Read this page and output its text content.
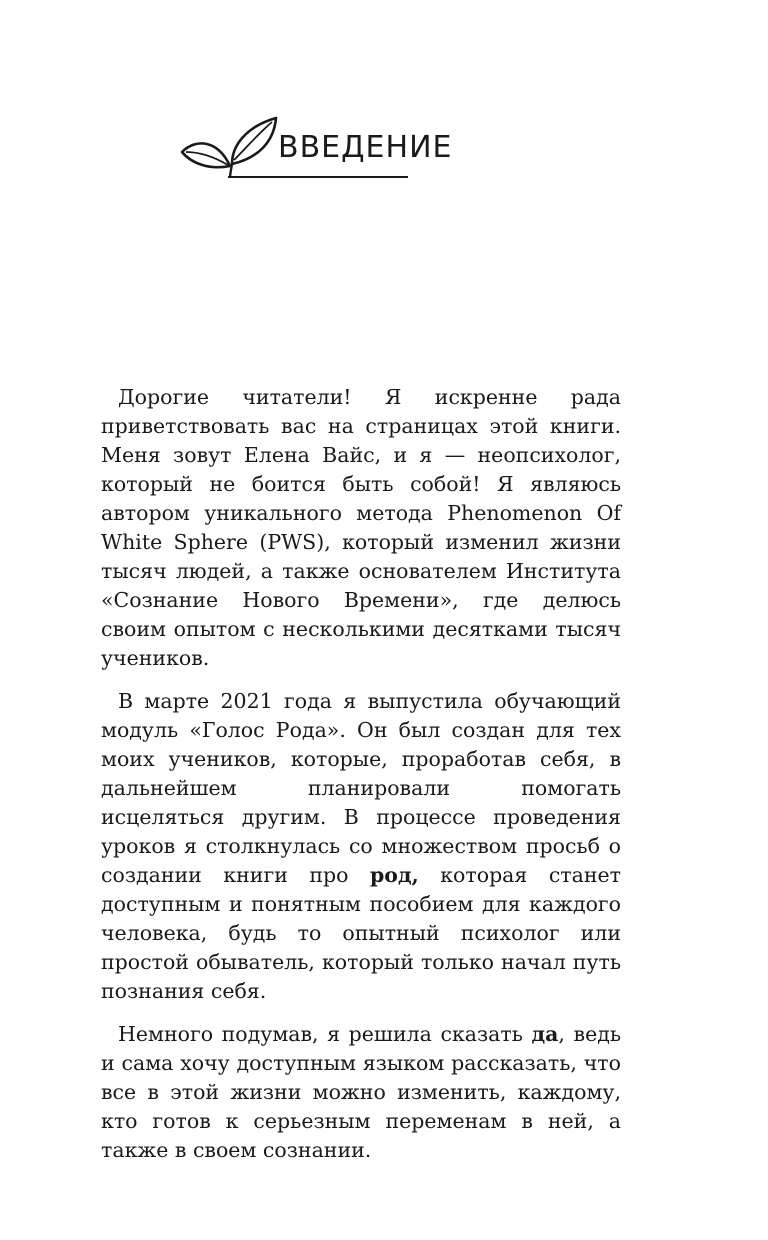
ВВЕДЕНИЕ

Дорогие читатели! Я искренне рада приветствовать вас на страницах этой книги. Меня зовут Елена Вайс, и я — неопсихолог, который не боится быть собой! Я являюсь автором уникального метода Phenomenon Of White Sphere (PWS), который изменил жизни тысяч людей, а также основателем Института «Сознание Нового Времени», где делюсь своим опытом с несколькими десятками тысяч учеников.

В марте 2021 года я выпустила обучающий модуль «Голос Рода». Он был создан для тех моих учеников, которые, проработав себя, в дальнейшем планировали помогать исцеляться другим. В процессе проведения уроков я столкнулась со множеством просьб о создании книги про род, которая станет доступным и понятным пособием для каждого человека, будь то опытный психолог или простой обыватель, который только начал путь познания себя.

Немного подумав, я решила сказать да, ведь и сама хочу доступным языком рассказать, что все в этой жизни можно изменить, каждому, кто готов к серьезным переменам в ней, а также в своем сознании.
